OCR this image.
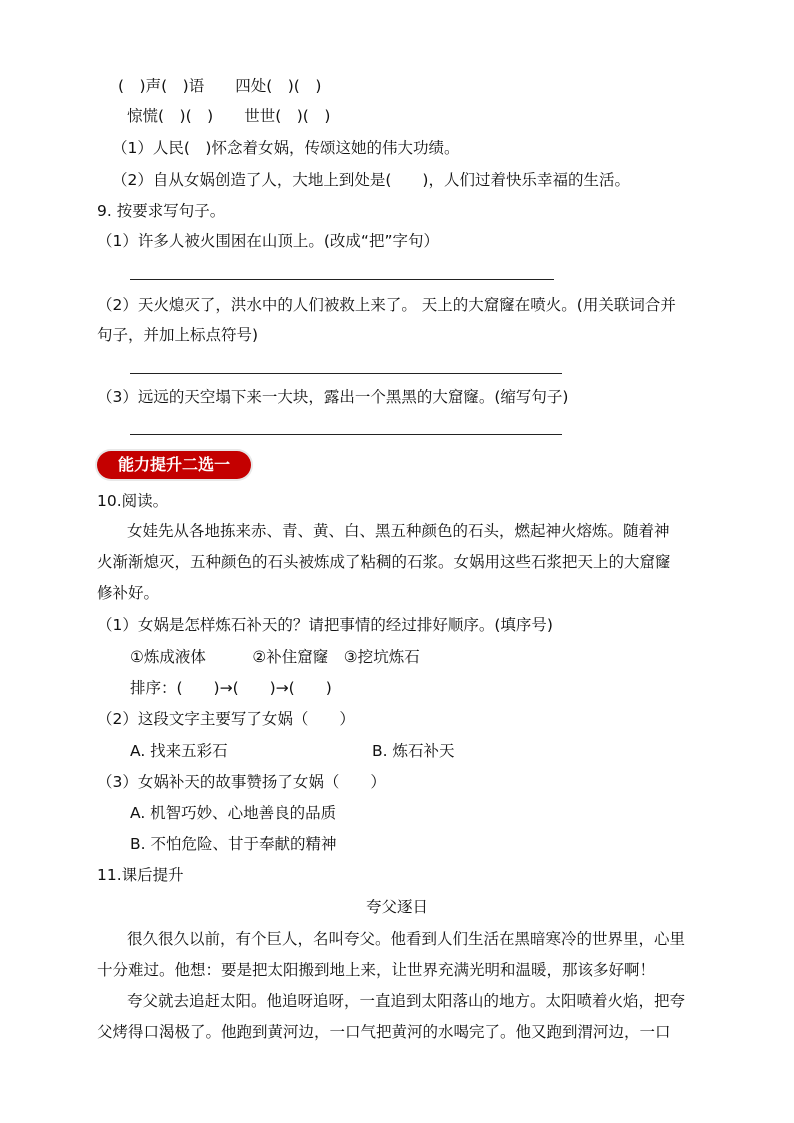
(　)声(　)语　　四处(　)(　)
惊慌(　)(　)　　世世(　)(　)
（1）人民(　)怀念着女娲，传颂这她的伟大功绩。
（2）自从女娲创造了人，大地上到处是(　　)，人们过着快乐幸福的生活。
9. 按要求写句子。
（1）许多人被火围困在山顶上。(改成“把”字句）
（2）天火熄灭了，洪水中的人们被救上来了。 天上的大窟窿在喷火。(用关联词合并
句子，并加上标点符号)
（3）远远的天空塌下来一大块，露出一个黑黑的大窟窿。(缩写句子)
能力提升二选一
10.阅读。
女娃先从各地拣来赤、青、黄、白、黑五种颜色的石头，燃起神火熔炼。随着神
火渐渐熄灭，五种颜色的石头被炼成了粘稠的石浆。女娲用这些石浆把天上的大窟窿
修补好。
（1）女娲是怎样炼石补天的？请把事情的经过排好顺序。(填序号)
①炼成液体　　　②补住窟窿　③挖坑炼石
排序：(　　)→(　　)→(　　)
（2）这段文字主要写了女娲（　　）
A. 找来五彩石	B. 炼石补天
（3）女娲补天的故事赞扬了女娲（　　）
A. 机智巧妙、心地善良的品质
B. 不怕危险、甘于奉献的精神
11.课后提升
夸父逐日
很久很久以前，有个巨人，名叫夸父。他看到人们生活在黑暗寒冷的世界里，心里
十分难过。他想：要是把太阳搬到地上来，让世界充满光明和温暖，那该多好啊！
夸父就去追赶太阳。他追呀追呀，一直追到太阳落山的地方。太阳喷着火焰，把夸
父烤得口渴极了。他跑到黄河边，一口气把黄河的水喝完了。他又跑到渭河边，一口
